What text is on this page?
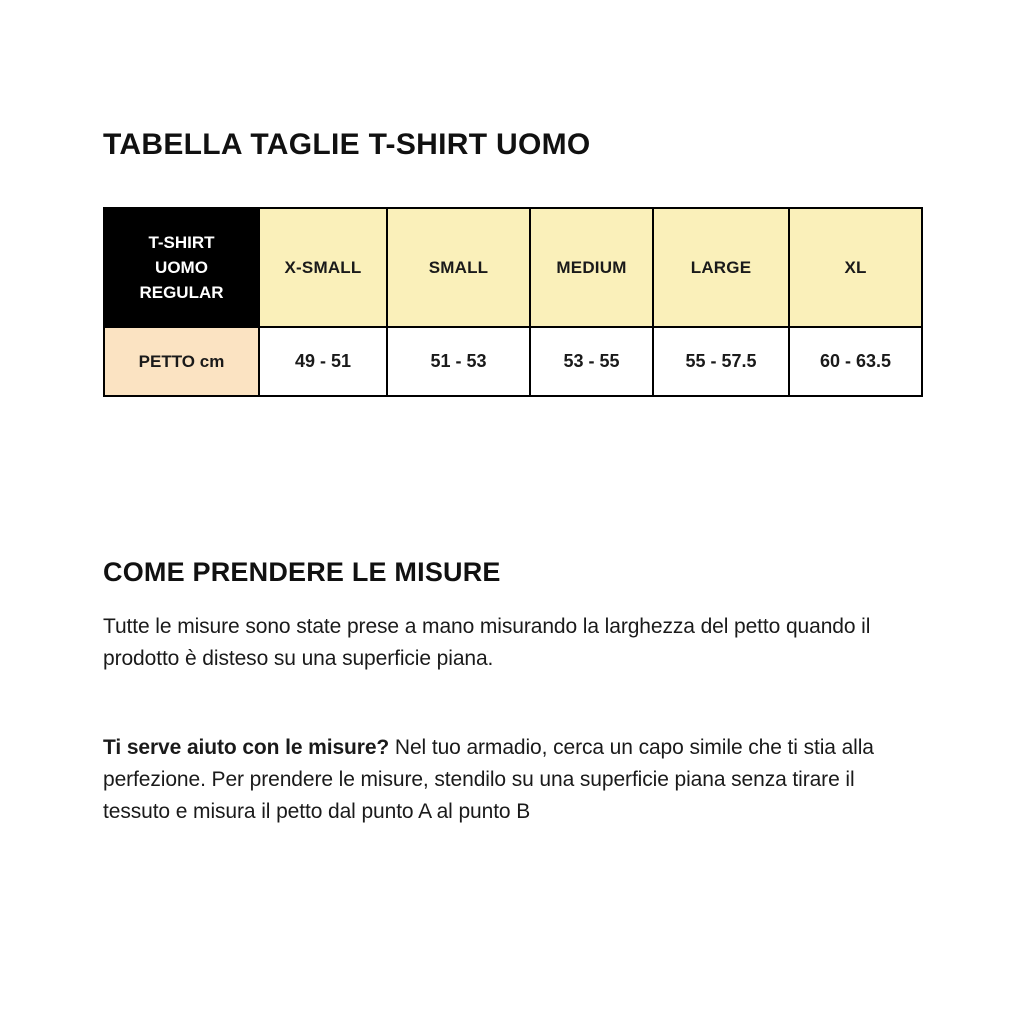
TABELLA TAGLIE T-SHIRT UOMO
T-SHIRT UOMO REGULAR	X-SMALL	SMALL	MEDIUM	LARGE	XL
PETTO cm	49 - 51	51 - 53	53 - 55	55 - 57.5	60 - 63.5
COME PRENDERE LE MISURE

Tutte le misure sono state prese a mano misurando la larghezza del petto quando il prodotto è disteso su una superficie piana.

Ti serve aiuto con le misure? Nel tuo armadio, cerca un capo simile che ti stia alla perfezione. Per prendere le misure, stendilo su una superficie piana senza tirare il tessuto e misura il petto dal punto A al punto B
